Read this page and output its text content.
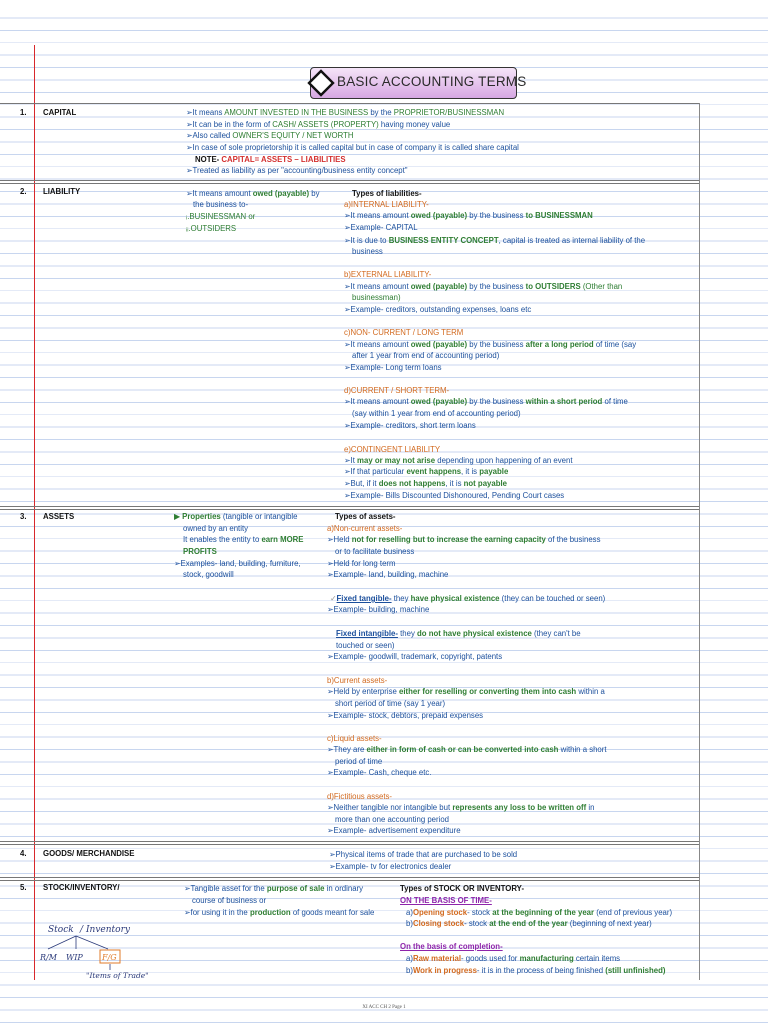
BASIC ACCOUNTING TERMS
1. CAPITAL
2. LIABILITY
3. ASSETS
4. GOODS/ MERCHANDISE
5. STOCK/INVENTORY/
➢It means AMOUNT INVESTED IN THE BUSINESS by the PROPRIETOR/BUSINESSMAN
➢It can be in the form of CASH/ ASSETS (PROPERTY) having money value
➢Also called OWNER'S EQUITY / NET WORTH
➢In case of sole proprietorship it is called capital but in case of company it is called share capital
NOTE- CAPITAL= ASSETS – LIABILITIES
➢Treated as liability as per "accounting/business entity concept"
➢It means amount owed (payable) by
the business to-
ᵢ.BUSINESSMAN or
ᵢᵢ.OUTSIDERS
Types of liabilities-
a)INTERNAL LIABILITY-
➢It means amount owed (payable) by the business to BUSINESSMAN
➢Example- CAPITAL
➢It is due to BUSINESS ENTITY CONCEPT, capital is treated as internal liability of the
business
b)EXTERNAL LIABILITY-
➢It means amount owed (payable) by the business to OUTSIDERS (Other than
businessman)
➢Example- creditors, outstanding expenses, loans etc
c)NON- CURRENT / LONG TERM
➢It means amount owed (payable) by the business after a long period of time (say
after 1 year from end of accounting period)
➢Example- Long term loans
d)CURRENT / SHORT TERM-
➢It means amount owed (payable) by the business within a short period of time
(say within 1 year from end of accounting period)
➢Example- creditors, short term loans
e)CONTINGENT LIABILITY
➢It may or may not arise depending upon happening of an event
➢If that particular event happens, it is payable
➢But, if it does not happens, it is not payable
➢Example- Bills Discounted Dishonoured, Pending Court cases
▶ Properties (tangible or intangible
owned by an entity
It enables the entity to earn MORE
PROFITS
➢Examples- land, building, furniture,
stock, goodwill
Types of assets-
a)Non-current assets-
➢Held not for reselling but to increase the earning capacity of the business
or to facilitate business
➢Held for long term
➢Example- land, building, machine
✓Fixed tangible- they have physical existence (they can be touched or seen)
➢Example- building, machine
Fixed intangible- they do not have physical existence (they can't be
touched or seen)
➢Example- goodwill, trademark, copyright, patents
b)Current assets-
➢Held by enterprise either for reselling or converting them into cash within a
short period of time (say 1 year)
➢Example- stock, debtors, prepaid expenses
c)Liquid assets-
➢They are either in form of cash or can be converted into cash within a short
period of time
➢Example- Cash, cheque etc.
d)Fictitious assets-
➢Neither tangible nor intangible but represents any loss to be written off in
more than one accounting period
➢Example- advertisement expenditure
➢Physical items of trade that are purchased to be sold
➢Example- tv for electronics dealer
➢Tangible asset for the purpose of sale in ordinary
course of business or
➢for using it in the production of goods meant for sale
Types of STOCK OR INVENTORY-
ON THE BASIS OF TIME-
a)Opening stock- stock at the beginning of the year (end of previous year)
b)Closing stock- stock at the end of the year (beginning of next year)
On the basis of completion-
a)Raw material- goods used for manufacturing certain items
b)Work in progress- it is in the process of being finished (still unfinished)
Stock / Inventory
R/M WIP F/G
"Items of Trade"
XI ACC CH 2 Page 1
